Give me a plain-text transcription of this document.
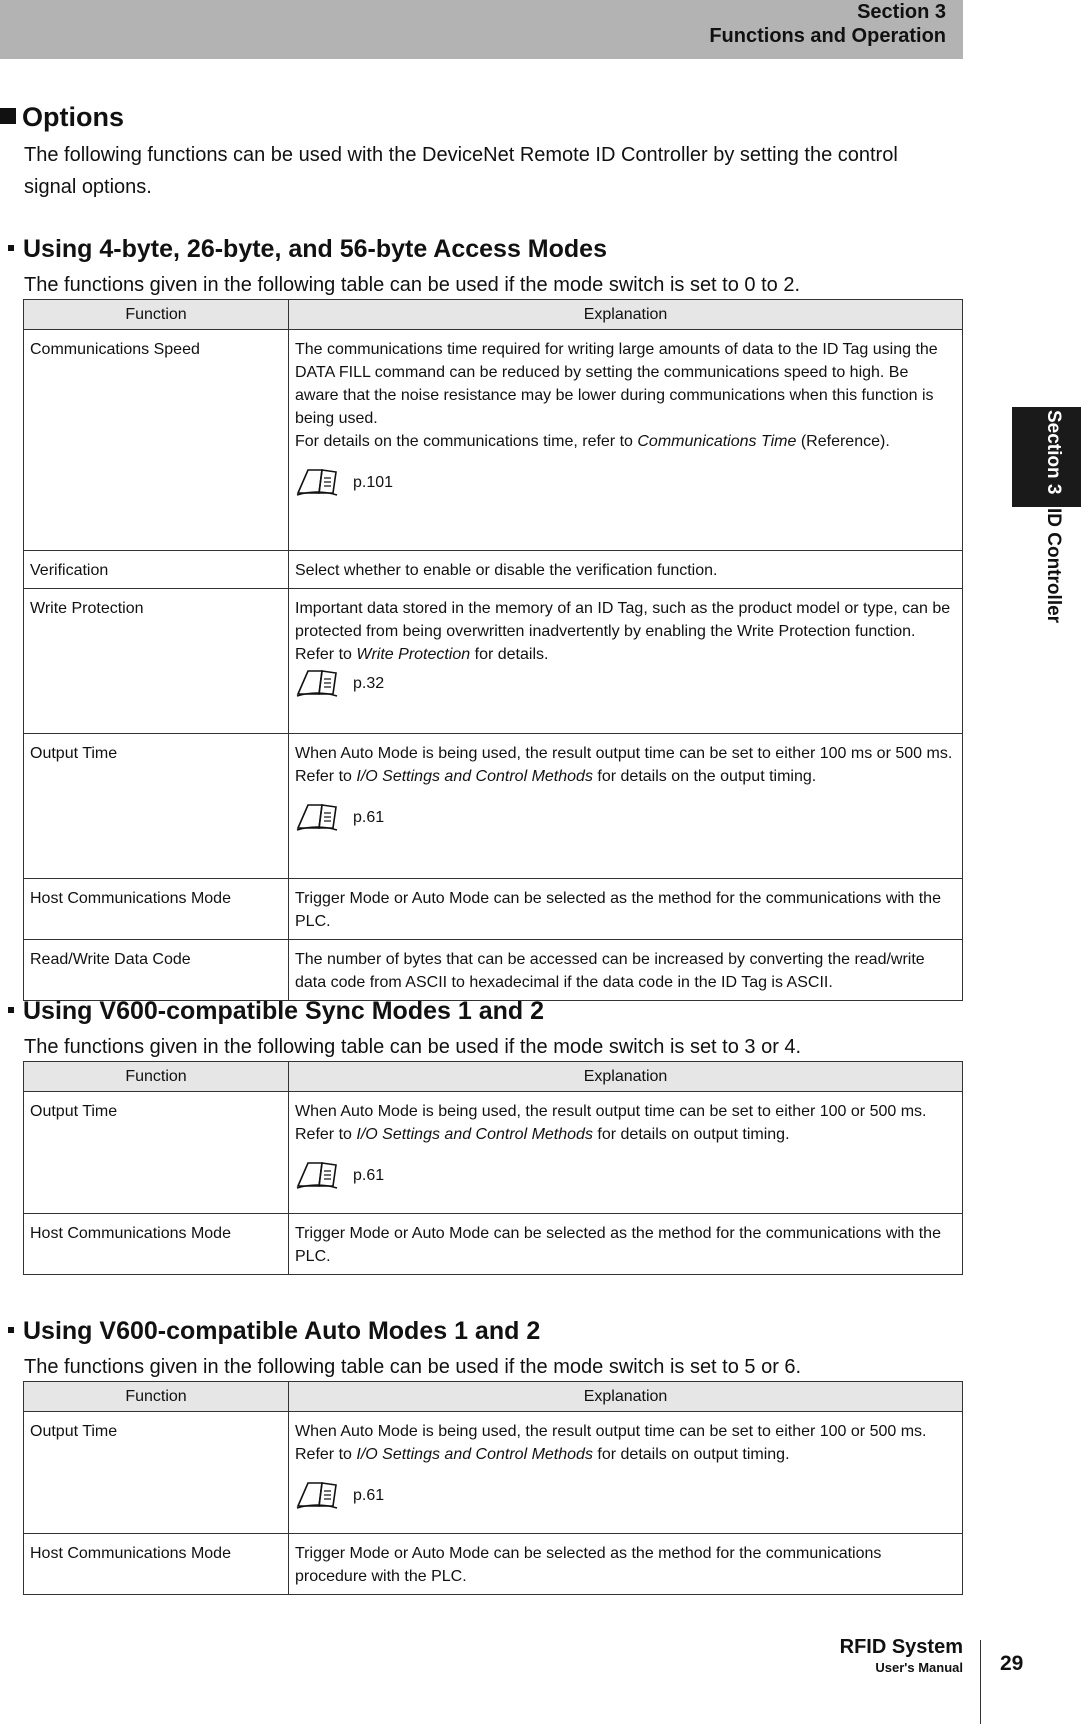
Section 3
Functions and Operation
Section 3ID Controller
Options

The following functions can be used with the DeviceNet Remote ID Controller by setting the control signal options.

Using 4-byte, 26-byte, and 56-byte Access Modes

The functions given in the following table can be used if the mode switch is set to 0 to 2.

Function	Explanation
Communications Speed	The communications time required for writing large amounts of data to the ID Tag using the DATA FILL command can be reduced by setting the communications speed to high. Be aware that the noise resistance may be lower during communications when this function is being used.
For details on the communications time, refer to Communications Time (Reference).
p.101

Verification	Select whether to enable or disable the verification function.
Write Protection	Important data stored in the memory of an ID Tag, such as the product model or type, can be protected from being overwritten inadvertently by enabling the Write Protection function.
Refer to Write Protection for details.
p.32

Output Time	When Auto Mode is being used, the result output time can be set to either 100 ms or 500 ms.
Refer to I/O Settings and Control Methods for details on the output timing.
p.61

Host Communications Mode	Trigger Mode or Auto Mode can be selected as the method for the communications with the PLC.
Read/Write Data Code	The number of bytes that can be accessed can be increased by converting the read/write data code from ASCII to hexadecimal if the data code in the ID Tag is ASCII.
Using V600-compatible Sync Modes 1 and 2

The functions given in the following table can be used if the mode switch is set to 3 or 4.

Function	Explanation
Output Time	When Auto Mode is being used, the result output time can be set to either 100 or 500 ms.
Refer to I/O Settings and Control Methods for details on output timing.
p.61

Host Communications Mode	Trigger Mode or Auto Mode can be selected as the method for the communications with the PLC.
Using V600-compatible Auto Modes 1 and 2

The functions given in the following table can be used if the mode switch is set to 5 or 6.

Function	Explanation
Output Time	When Auto Mode is being used, the result output time can be set to either 100 or 500 ms.
Refer to I/O Settings and Control Methods for details on output timing.
p.61

Host Communications Mode	Trigger Mode or Auto Mode can be selected as the method for the communications procedure with the PLC.
RFID System
User's Manual 29
